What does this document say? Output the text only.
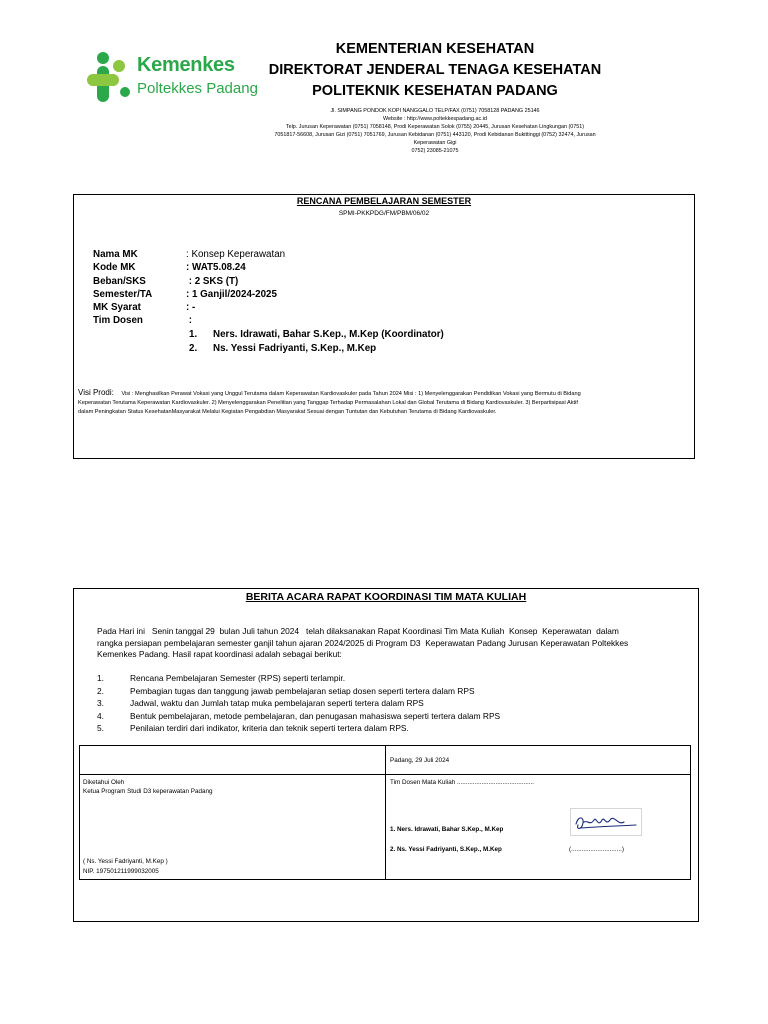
Kemenkes
Poltekkes Padang
KEMENTERIAN KESEHATAN
DIREKTORAT JENDERAL TENAGA KESEHATAN
POLITEKNIK KESEHATAN PADANG
Jl. SIMPANG PONDOK KOPI NANGGALO TELP/FAX (0751) 7058128 PADANG 25146
Website : http://www.poltekkespadang.ac.id
Telp. Jurusan Keperawatan (0751) 7058148, Prodi Keperawatan Solok (0755) 20445, Jurusan Kesehatan Lingkungan (0751)
7051817-56608, Jurusan Gizi (0751) 7051769, Jurusan Kebidanan (0751) 443120, Prodi Kebidanan Bukittinggi (0752) 32474, Jurusan
Keperawatan Gigi
0752) 23085-21075
RENCANA PEMBELAJARAN SEMESTER
SPMI-PKKPDG/FM/PBM/06/02
Nama MK	: Konsep Keperawatan
Kode MK	: WAT5.08.24
Beban/SKS	: 2 SKS (T)
Semester/TA	: 1 Ganjil/2024-2025
MK Syarat	: -
Tim Dosen	:
1. Ners. Idrawati, Bahar S.Kep., M.Kep (Koordinator)
2. Ns. Yessi Fadriyanti, S.Kep., M.Kep
Visi Prodi: Visi : Menghasilkan Perawat Vokasi yang Unggul Terutama dalam Keperawatan Kardiovaskuler pada Tahun 2024 Misi : 1) Menyelenggarakan Pendidikan Vokasi yang Bermutu di Bidang
Keperawatan Terutama Keperawatan Kardiovaskuler. 2) Menyelenggarakan Penelitian yang Tanggap Terhadap Permasalahan Lokal dan Global Terutama di Bidang Kardiovaskuler. 3) Berpartisipasi Aktif
dalam Peningkatan Status KesehatanMasyarakat Melalui Kegiatan Pengabdian Masyarakat Sesuai dengan Tuntutan dan Kebutuhan Terutama di Bidang Kardiovaskuler.
BERITA ACARA RAPAT KOORDINASI TIM MATA KULIAH
Pada Hari ini   Senin tanggal 29  bulan Juli tahun 2024   telah dilaksanakan Rapat Koordinasi Tim Mata Kuliah  Konsep  Keperawatan  dalam
rangka persiapan pembelajaran semester ganjil tahun ajaran 2024/2025 di Program D3  Keperawatan Padang Jurusan Keperawatan Poltekkes
Kemenkes Padang. Hasil rapat koordinasi adalah sebagai berikut:
1.	Rencana Pembelajaran Semester (RPS) seperti terlampir.
2.	Pembagian tugas dan tanggung jawab pembelajaran setiap dosen seperti tertera dalam RPS
3.	Jadwal, waktu dan Jumlah tatap muka pembelajaran seperti tertera dalam RPS
4.	Bentuk pembelajaran, metode pembelajaran, dan penugasan mahasiswa seperti tertera dalam RPS
5.	Penilaian terdiri dari indikator, kriteria dan teknik seperti tertera dalam RPS.
Padang, 29 Juli 2024
Diketahui Oleh
Ketua Program Studi D3 keperawatan Padang
( Ns. Yessi Fadriyanti, M.Kep )
NIP. 197501211999032005
Tim Dosen Mata Kuliah ............................................
1. Ners. Idrawati, Bahar S.Kep., M.Kep
2. Ns. Yessi Fadriyanti, S.Kep., M.Kep	(.............................)
